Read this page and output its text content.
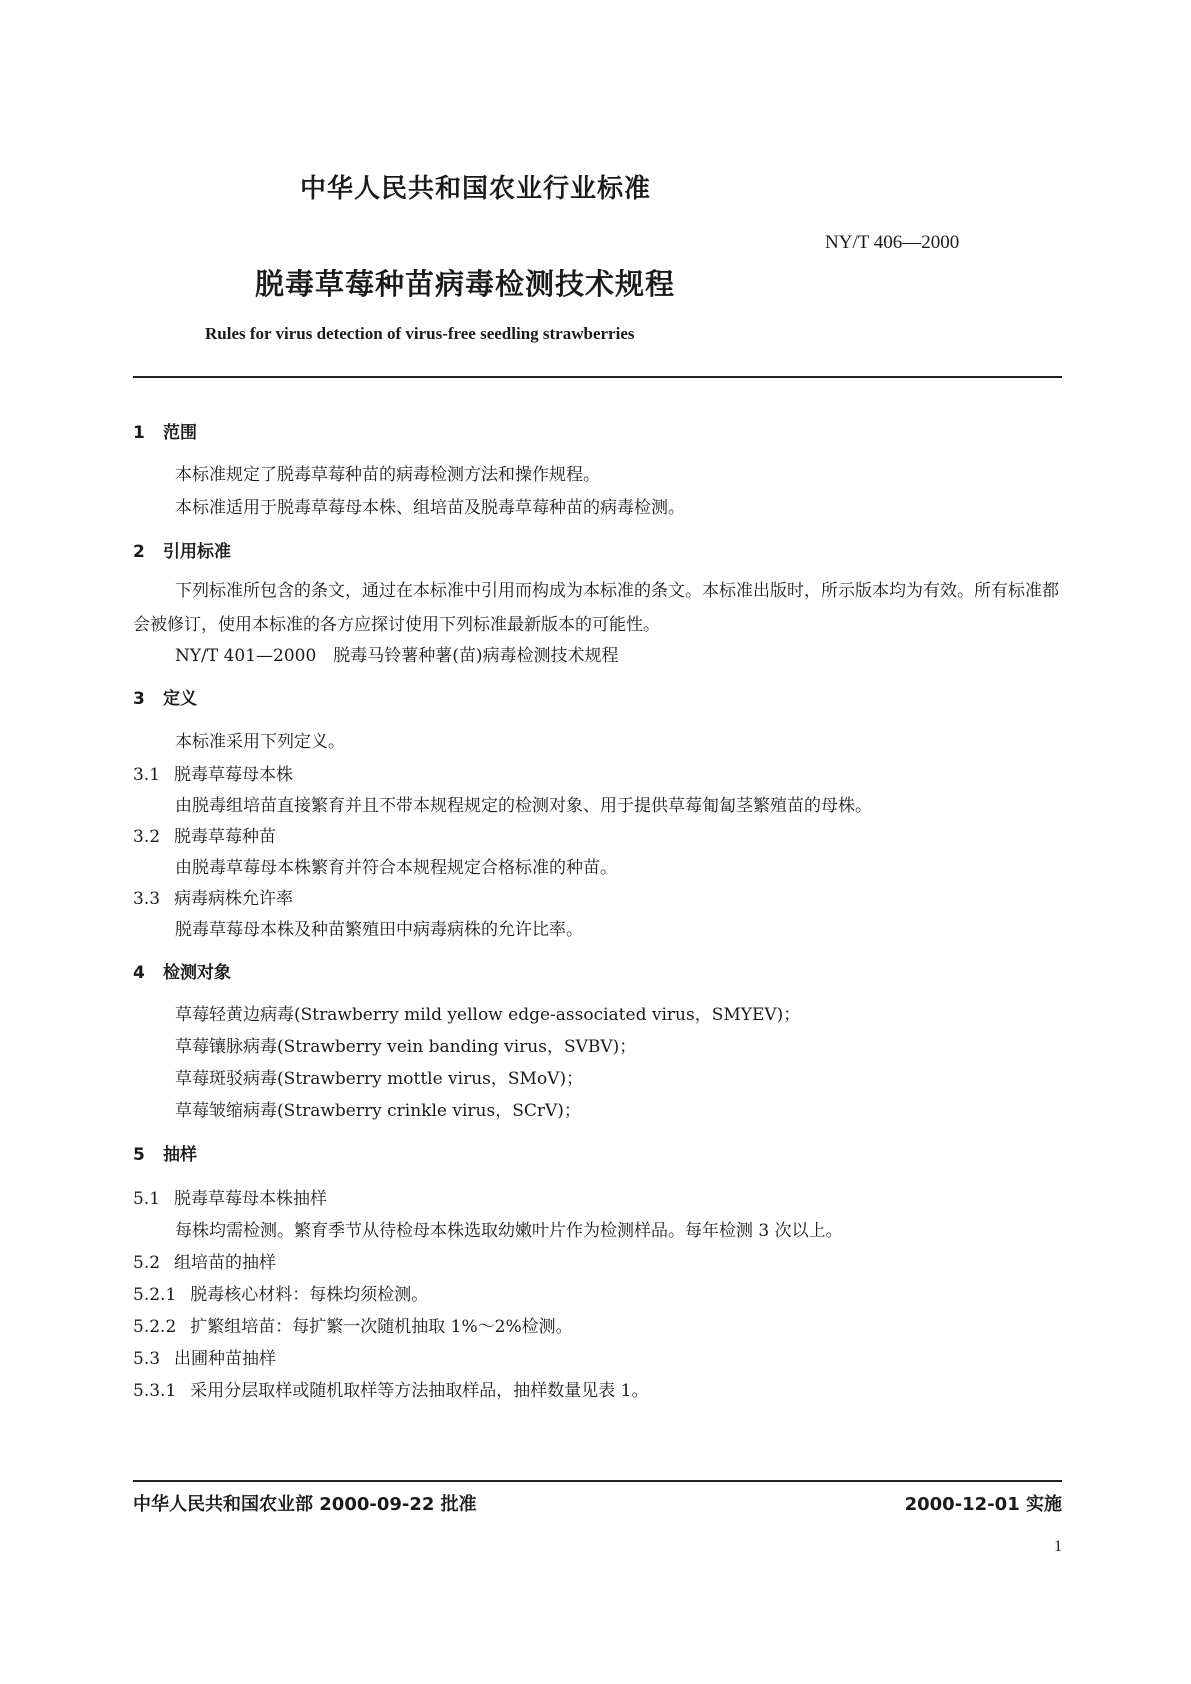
中华人民共和国农业行业标准
NY/T 406—2000
脱毒草莓种苗病毒检测技术规程
Rules for virus detection of virus-free seedling strawberries
1 范围
本标准规定了脱毒草莓种苗的病毒检测方法和操作规程。
本标准适用于脱毒草莓母本株、组培苗及脱毒草莓种苗的病毒检测。
2 引用标准
下列标准所包含的条文，通过在本标准中引用而构成为本标准的条文。本标准出版时，所示版本均为有效。所有标准都会被修订，使用本标准的各方应探讨使用下列标准最新版本的可能性。
NY/T 401—2000　脱毒马铃薯种薯(苗)病毒检测技术规程
3 定义
本标准采用下列定义。
3.1 脱毒草莓母本株
由脱毒组培苗直接繁育并且不带本规程规定的检测对象、用于提供草莓匍匐茎繁殖苗的母株。
3.2 脱毒草莓种苗
由脱毒草莓母本株繁育并符合本规程规定合格标准的种苗。
3.3 病毒病株允许率
脱毒草莓母本株及种苗繁殖田中病毒病株的允许比率。
4 检测对象
草莓轻黄边病毒(Strawberry mild yellow edge-associated virus，SMYEV)；
草莓镶脉病毒(Strawberry vein banding virus，SVBV)；
草莓斑驳病毒(Strawberry mottle virus，SMoV)；
草莓皱缩病毒(Strawberry crinkle virus，SCrV)；
5 抽样
5.1 脱毒草莓母本株抽样
每株均需检测。繁育季节从待检母本株选取幼嫩叶片作为检测样品。每年检测 3 次以上。
5.2 组培苗的抽样
5.2.1 脱毒核心材料：每株均须检测。
5.2.2 扩繁组培苗：每扩繁一次随机抽取 1%～2%检测。
5.3 出圃种苗抽样
5.3.1 采用分层取样或随机取样等方法抽取样品，抽样数量见表 1。
中华人民共和国农业部 2000-09-22 批准	2000-12-01 实施
1
